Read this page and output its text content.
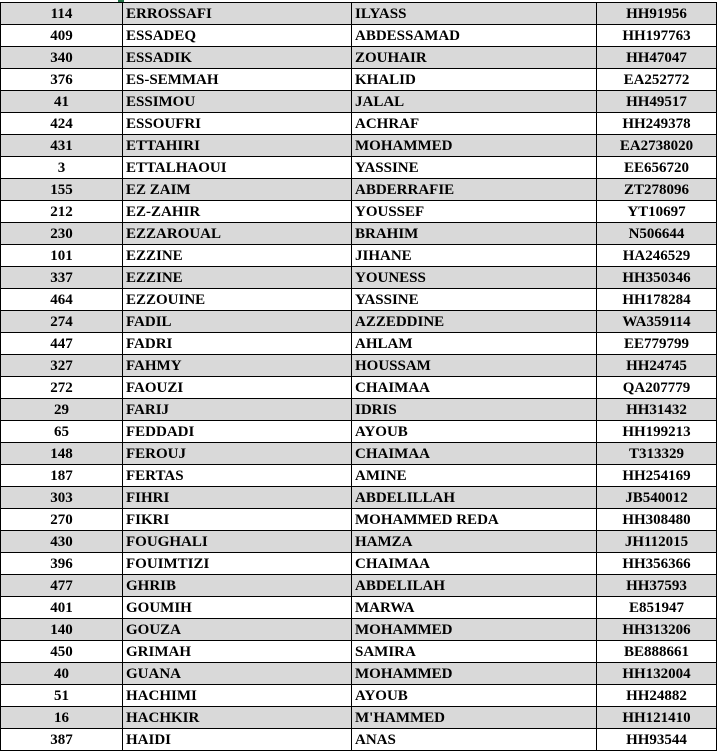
114	ERROSSAFI	ILYASS	HH91956
409	ESSADEQ	ABDESSAMAD	HH197763
340	ESSADIK	ZOUHAIR	HH47047
376	ES-SEMMAH	KHALID	EA252772
41	ESSIMOU	JALAL	HH49517
424	ESSOUFRI	ACHRAF	HH249378
431	ETTAHIRI	MOHAMMED	EA2738020
3	ETTALHAOUI	YASSINE	EE656720
155	EZ ZAIM	ABDERRAFIE	ZT278096
212	EZ-ZAHIR	YOUSSEF	YT10697
230	EZZAROUAL	BRAHIM	N506644
101	EZZINE	JIHANE	HA246529
337	EZZINE	YOUNESS	HH350346
464	EZZOUINE	YASSINE	HH178284
274	FADIL	AZZEDDINE	WA359114
447	FADRI	AHLAM	EE779799
327	FAHMY	HOUSSAM	HH24745
272	FAOUZI	CHAIMAA	QA207779
29	FARIJ	IDRIS	HH31432
65	FEDDADI	AYOUB	HH199213
148	FEROUJ	CHAIMAA	T313329
187	FERTAS	AMINE	HH254169
303	FIHRI	ABDELILLAH	JB540012
270	FIKRI	MOHAMMED REDA	HH308480
430	FOUGHALI	HAMZA	JH112015
396	FOUIMTIZI	CHAIMAA	HH356366
477	GHRIB	ABDELILAH	HH37593
401	GOUMIH	MARWA	E851947
140	GOUZA	MOHAMMED	HH313206
450	GRIMAH	SAMIRA	BE888661
40	GUANA	MOHAMMED	HH132004
51	HACHIMI	AYOUB	HH24882
16	HACHKIR	M'HAMMED	HH121410
387	HAIDI	ANAS	HH93544
